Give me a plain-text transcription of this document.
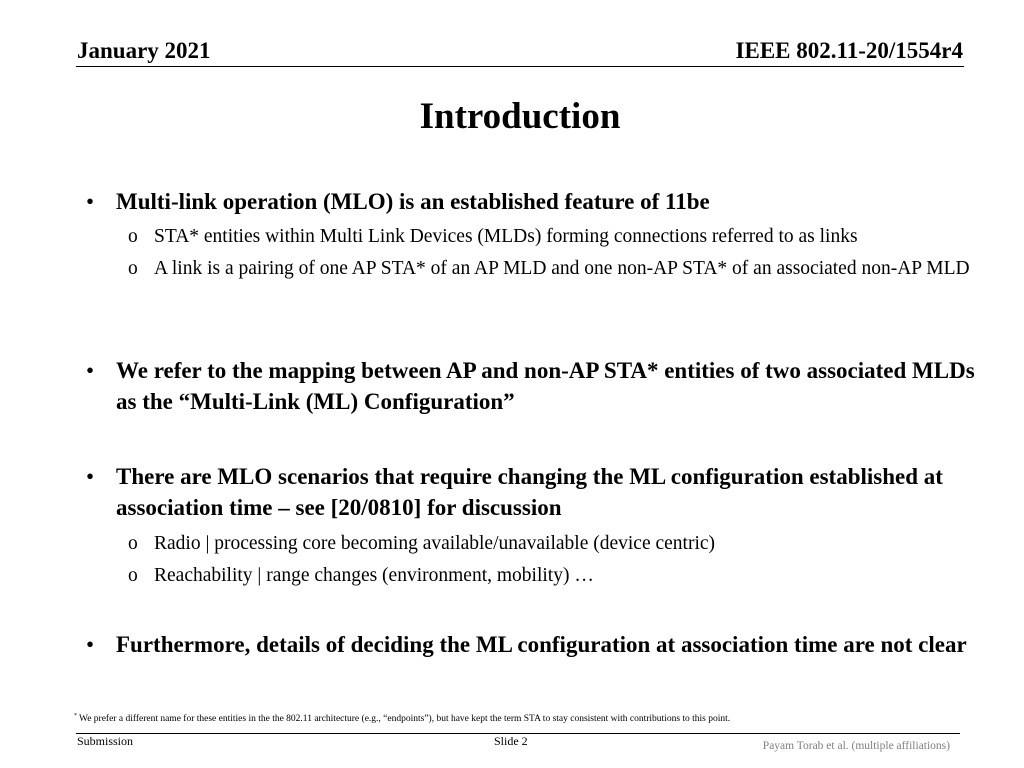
January 2021	IEEE 802.11-20/1554r4
Introduction
• Multi-link operation (MLO) is an established feature of 11be
o STA* entities within Multi Link Devices (MLDs) forming connections referred to as links
o A link is a pairing of one AP STA* of an AP MLD and one non-AP STA* of an associated non-AP MLD
• We refer to the mapping between AP and non-AP STA* entities of two associated MLDs as the “Multi-Link (ML) Configuration”
• There are MLO scenarios that require changing the ML configuration established at association time – see [20/0810] for discussion
o Radio | processing core becoming available/unavailable (device centric)
o Reachability | range changes (environment, mobility) …
• Furthermore, details of deciding the ML configuration at association time are not clear
* We prefer a different name for these entities in the the 802.11 architecture (e.g., “endpoints”), but have kept the term STA to stay consistent with contributions to this point.
Submission	Slide 2	Payam Torab et al. (multiple affiliations)
